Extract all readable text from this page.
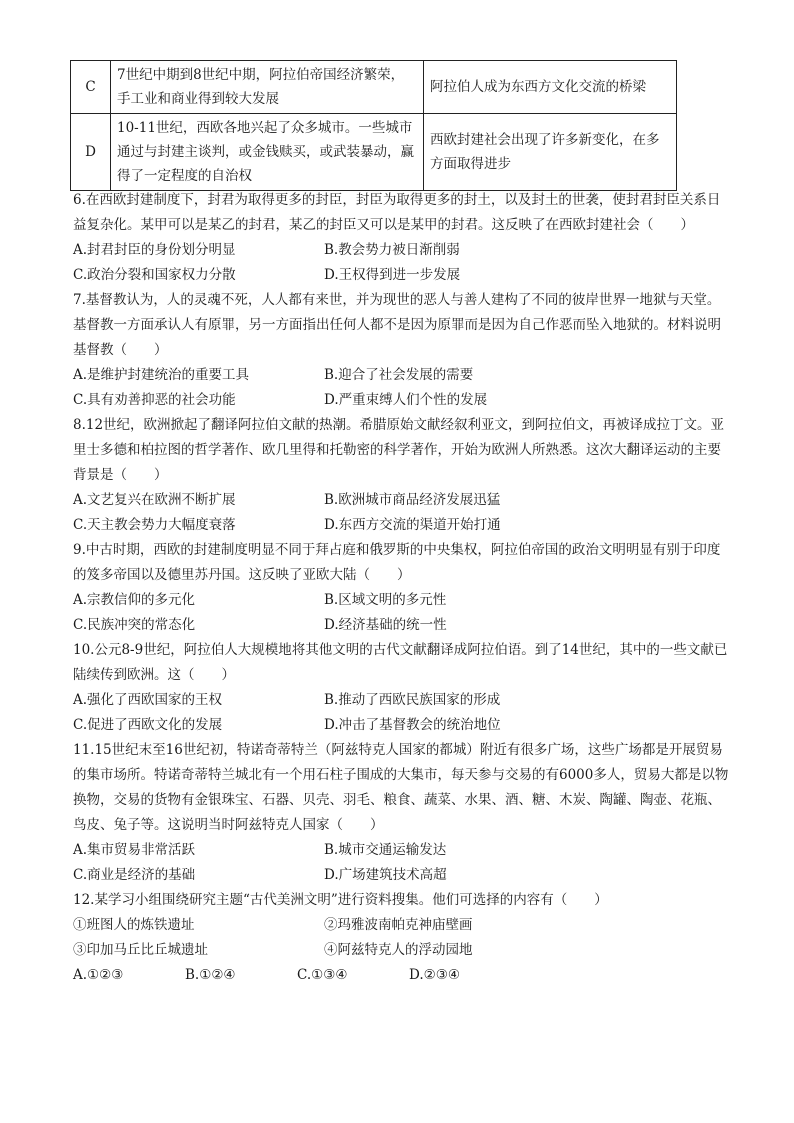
C	7世纪中期到8世纪中期，阿拉伯帝国经济繁荣，手工业和商业得到较大发展	阿拉伯人成为东西方文化交流的桥梁
D	10-11世纪，西欧各地兴起了众多城市。一些城市通过与封建主谈判，或金钱赎买，或武装暴动，赢得了一定程度的自治权	西欧封建社会出现了许多新变化，在多方面取得进步

6.在西欧封建制度下，封君为取得更多的封臣，封臣为取得更多的封土，以及封土的世袭，使封君封臣关系日益复杂化。某甲可以是某乙的封君，某乙的封臣又可以是某甲的封君。这反映了在西欧封建社会（　　）

A.封君封臣的身份划分明显	B.教会势力被日渐削弱
C.政治分裂和国家权力分散	D.王权得到进一步发展

7.基督教认为，人的灵魂不死，人人都有来世，并为现世的恶人与善人建构了不同的彼岸世界一地狱与天堂。基督教一方面承认人有原罪，另一方面指出任何人都不是因为原罪而是因为自己作恶而坠入地狱的。材料说明基督教（　　）

A.是维护封建统治的重要工具	B.迎合了社会发展的需要
C.具有劝善抑恶的社会功能	D.严重束缚人们个性的发展

8.12世纪，欧洲掀起了翻译阿拉伯文献的热潮。希腊原始文献经叙利亚文，到阿拉伯文，再被译成拉丁文。亚里士多德和柏拉图的哲学著作、欧几里得和托勒密的科学著作，开始为欧洲人所熟悉。这次大翻译运动的主要背景是（　　）

A.文艺复兴在欧洲不断扩展	B.欧洲城市商品经济发展迅猛
C.天主教会势力大幅度衰落	D.东西方交流的渠道开始打通

9.中古时期，西欧的封建制度明显不同于拜占庭和俄罗斯的中央集权，阿拉伯帝国的政治文明明显有别于印度的笈多帝国以及德里苏丹国。这反映了亚欧大陆（　　）

A.宗教信仰的多元化	B.区域文明的多元性
C.民族冲突的常态化	D.经济基础的统一性

10.公元8-9世纪，阿拉伯人大规模地将其他文明的古代文献翻译成阿拉伯语。到了14世纪，其中的一些文献已陆续传到欧洲。这（　　）

A.强化了西欧国家的王权	B.推动了西欧民族国家的形成
C.促进了西欧文化的发展	D.冲击了基督教会的统治地位

11.15世纪末至16世纪初，特诺奇蒂特兰（阿兹特克人国家的都城）附近有很多广场，这些广场都是开展贸易的集市场所。特诺奇蒂特兰城北有一个用石柱子围成的大集市，每天参与交易的有6000多人，贸易大都是以物换物，交易的货物有金银珠宝、石器、贝壳、羽毛、粮食、蔬菜、水果、酒、糖、木炭、陶罐、陶壶、花瓶、鸟皮、兔子等。这说明当时阿兹特克人国家（　　）

A.集市贸易非常活跃	B.城市交通运输发达
C.商业是经济的基础	D.广场建筑技术高超

12.某学习小组围绕研究主题“古代美洲文明”进行资料搜集。他们可选择的内容有（　　）

①班图人的炼铁遗址	②玛雅波南帕克神庙壁画
③印加马丘比丘城遗址	④阿兹特克人的浮动园地
A.①②③	B.①②④	C.①③④	D.②③④
